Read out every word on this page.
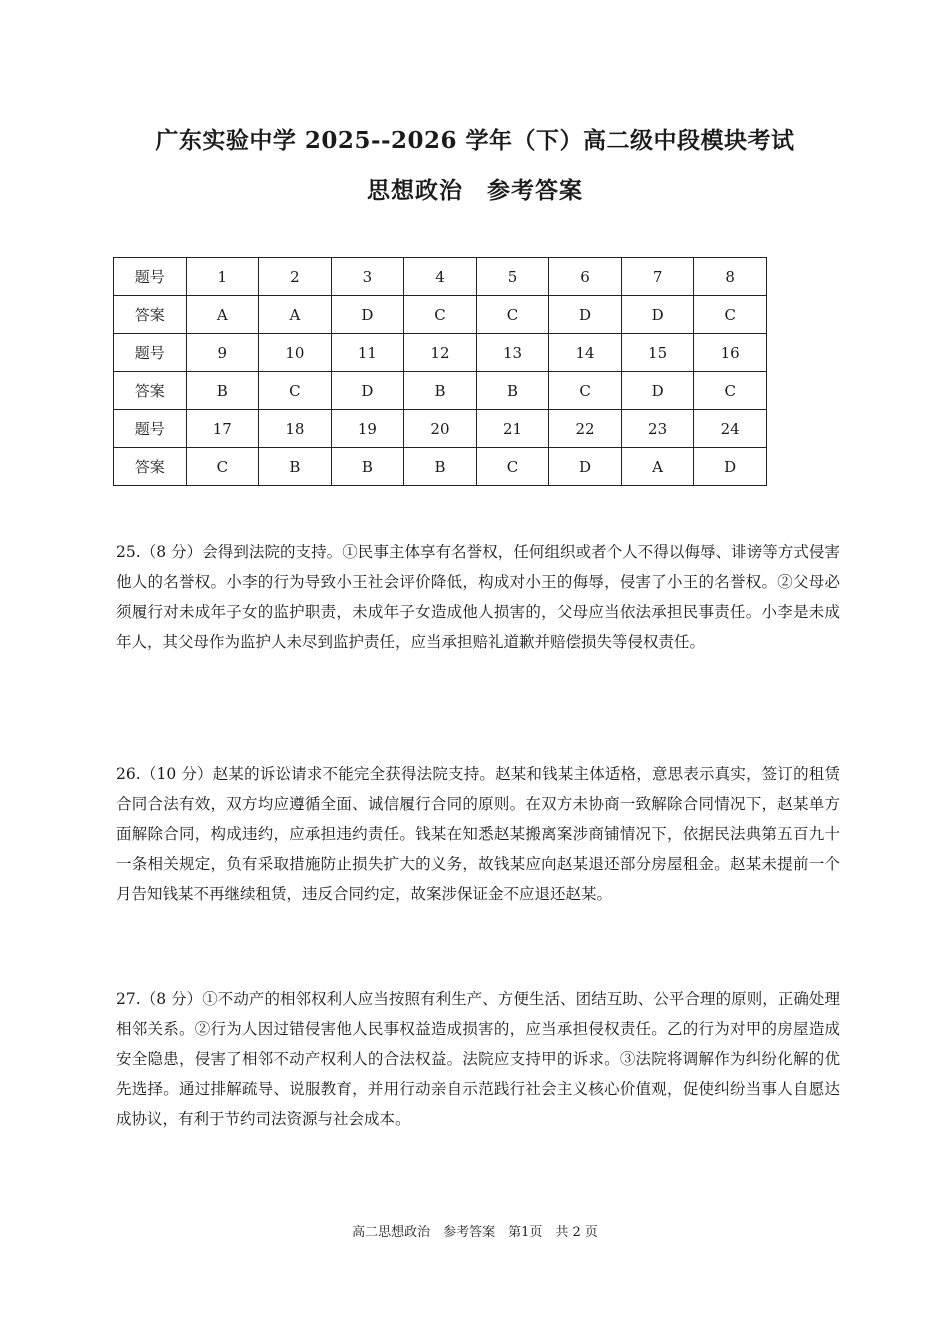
广东实验中学 2025--2026 学年（下）高二级中段模块考试
思想政治　参考答案
题号	1	2	3	4	5	6	7	8
答案	A	A	D	C	C	D	D	C
题号	9	10	11	12	13	14	15	16
答案	B	C	D	B	B	C	D	C
题号	17	18	19	20	21	22	23	24
答案	C	B	B	B	C	D	A	D
25.（8 分）会得到法院的支持。①民事主体享有名誉权，任何组织或者个人不得以侮辱、诽谤等方式侵害他人的名誉权。小李的行为导致小王社会评价降低，构成对小王的侮辱，侵害了小王的名誉权。②父母必须履行对未成年子女的监护职责，未成年子女造成他人损害的，父母应当依法承担民事责任。小李是未成年人，其父母作为监护人未尽到监护责任，应当承担赔礼道歉并赔偿损失等侵权责任。
26.（10 分）赵某的诉讼请求不能完全获得法院支持。赵某和钱某主体适格，意思表示真实，签订的租赁合同合法有效，双方均应遵循全面、诚信履行合同的原则。在双方未协商一致解除合同情况下，赵某单方面解除合同，构成违约，应承担违约责任。钱某在知悉赵某搬离案涉商铺情况下，依据民法典第五百九十一条相关规定，负有采取措施防止损失扩大的义务，故钱某应向赵某退还部分房屋租金。赵某未提前一个月告知钱某不再继续租赁，违反合同约定，故案涉保证金不应退还赵某。
27.（8 分）①不动产的相邻权利人应当按照有利生产、方便生活、团结互助、公平合理的原则，正确处理相邻关系。②行为人因过错侵害他人民事权益造成损害的，应当承担侵权责任。乙的行为对甲的房屋造成安全隐患，侵害了相邻不动产权利人的合法权益。法院应支持甲的诉求。③法院将调解作为纠纷化解的优先选择。通过排解疏导、说服教育，并用行动亲自示范践行社会主义核心价值观，促使纠纷当事人自愿达成协议，有利于节约司法资源与社会成本。
高二思想政治　参考答案　第1页　共 2 页
